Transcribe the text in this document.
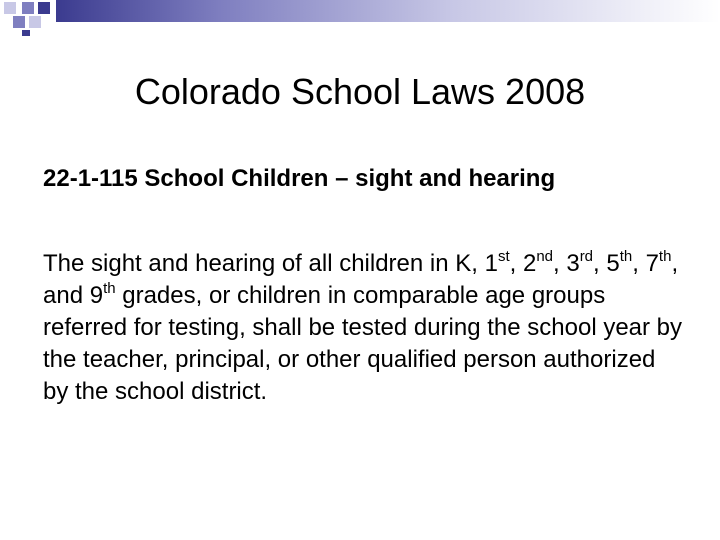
Colorado School Laws 2008

22-1-115 School Children – sight and hearing

The sight and hearing of all children in K, 1st, 2nd, 3rd, 5th, 7th, and 9th grades, or children in comparable age groups referred for testing, shall be tested during the school year by the teacher, principal, or other qualified person authorized by the school district.
